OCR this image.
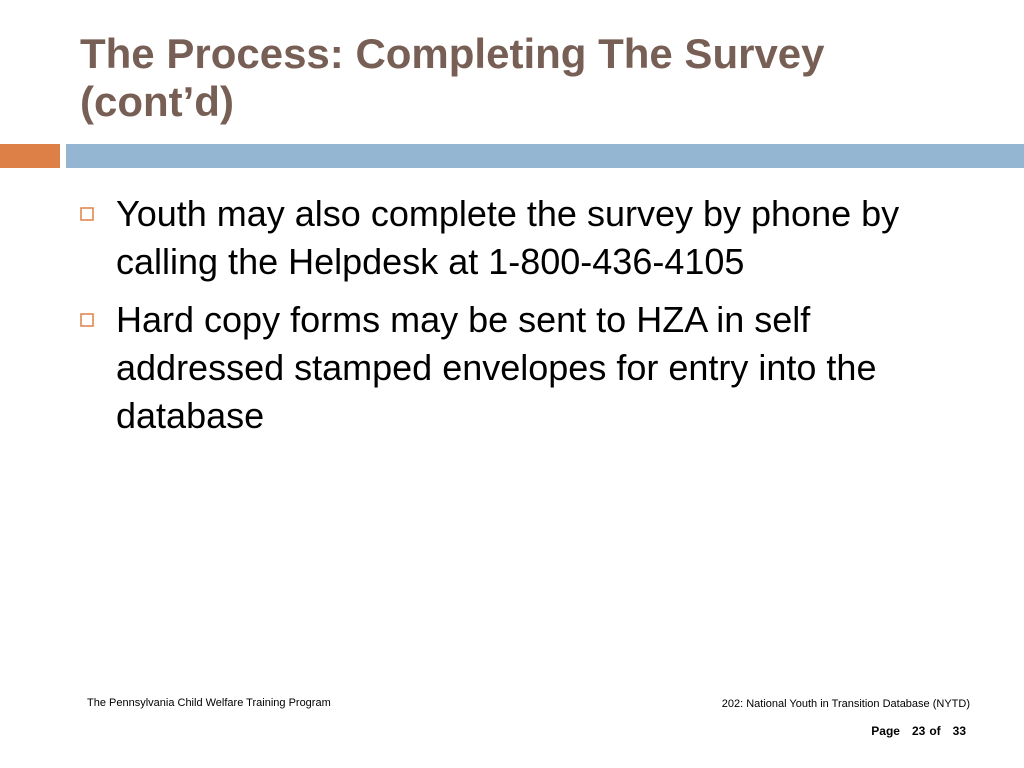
The Process: Completing The Survey
(cont’d)
Youth may also complete the survey by phone by calling the Helpdesk at 1-800-436-4105
Hard copy forms may be sent to HZA in self addressed stamped envelopes for entry into the database
The Pennsylvania Child Welfare Training Program	202: National Youth in Transition Database (NYTD)
Page 23 of 33
